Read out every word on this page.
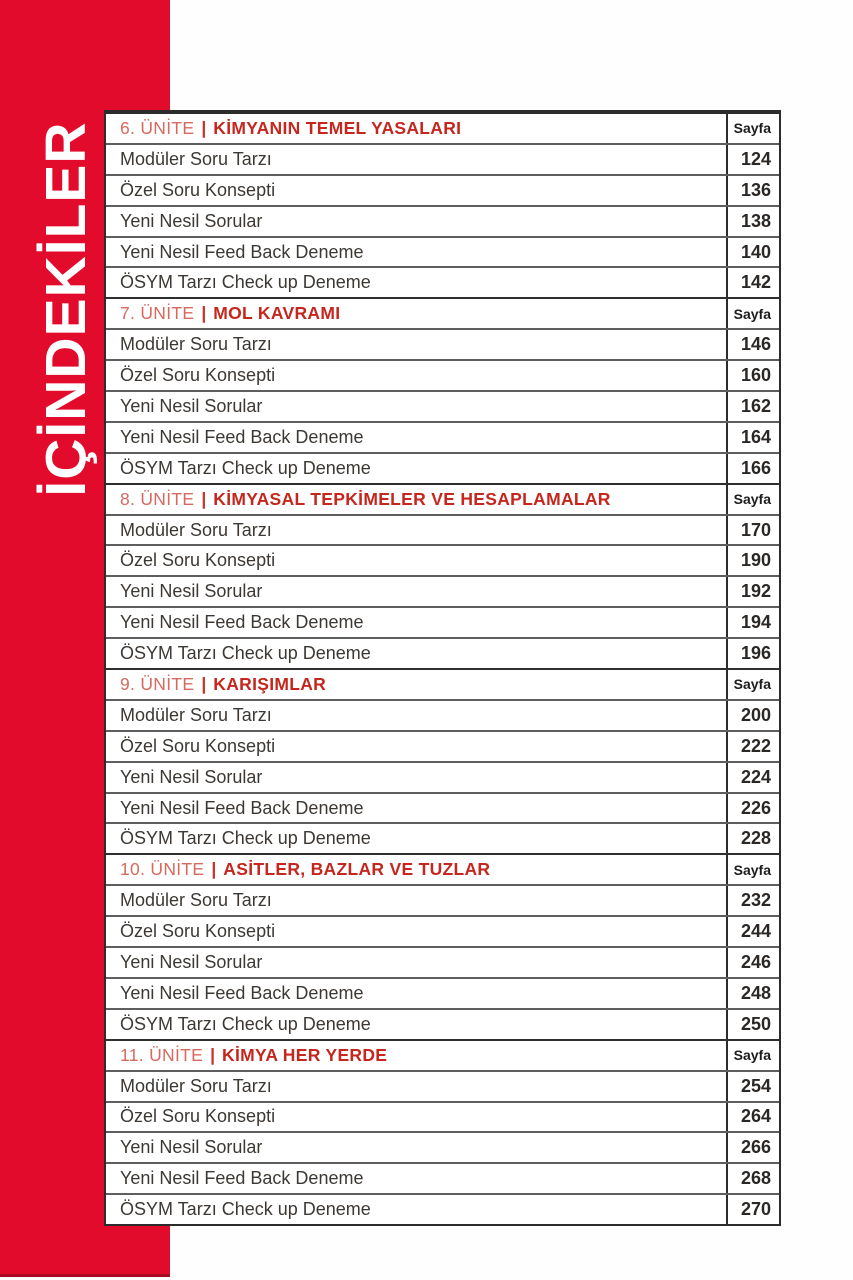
İÇİNDEKİLER 6. ÜNİTE | KİMYANIN TEMEL YASALARI	Sayfa
Modüler Soru Tarzı	124
Özel Soru Konsepti	136
Yeni Nesil Sorular	138
Yeni Nesil Feed Back Deneme	140
ÖSYM Tarzı Check up Deneme	142
7. ÜNİTE | MOL KAVRAMI	Sayfa
Modüler Soru Tarzı	146
Özel Soru Konsepti	160
Yeni Nesil Sorular	162
Yeni Nesil Feed Back Deneme	164
ÖSYM Tarzı Check up Deneme	166
8. ÜNİTE | KİMYASAL TEPKİMELER VE HESAPLAMALAR	Sayfa
Modüler Soru Tarzı	170
Özel Soru Konsepti	190
Yeni Nesil Sorular	192
Yeni Nesil Feed Back Deneme	194
ÖSYM Tarzı Check up Deneme	196
9. ÜNİTE | KARIŞIMLAR	Sayfa
Modüler Soru Tarzı	200
Özel Soru Konsepti	222
Yeni Nesil Sorular	224
Yeni Nesil Feed Back Deneme	226
ÖSYM Tarzı Check up Deneme	228
10. ÜNİTE | ASİTLER, BAZLAR VE TUZLAR	Sayfa
Modüler Soru Tarzı	232
Özel Soru Konsepti	244
Yeni Nesil Sorular	246
Yeni Nesil Feed Back Deneme	248
ÖSYM Tarzı Check up Deneme	250
11. ÜNİTE | KİMYA HER YERDE	Sayfa
Modüler Soru Tarzı	254
Özel Soru Konsepti	264
Yeni Nesil Sorular	266
Yeni Nesil Feed Back Deneme	268
ÖSYM Tarzı Check up Deneme	270
